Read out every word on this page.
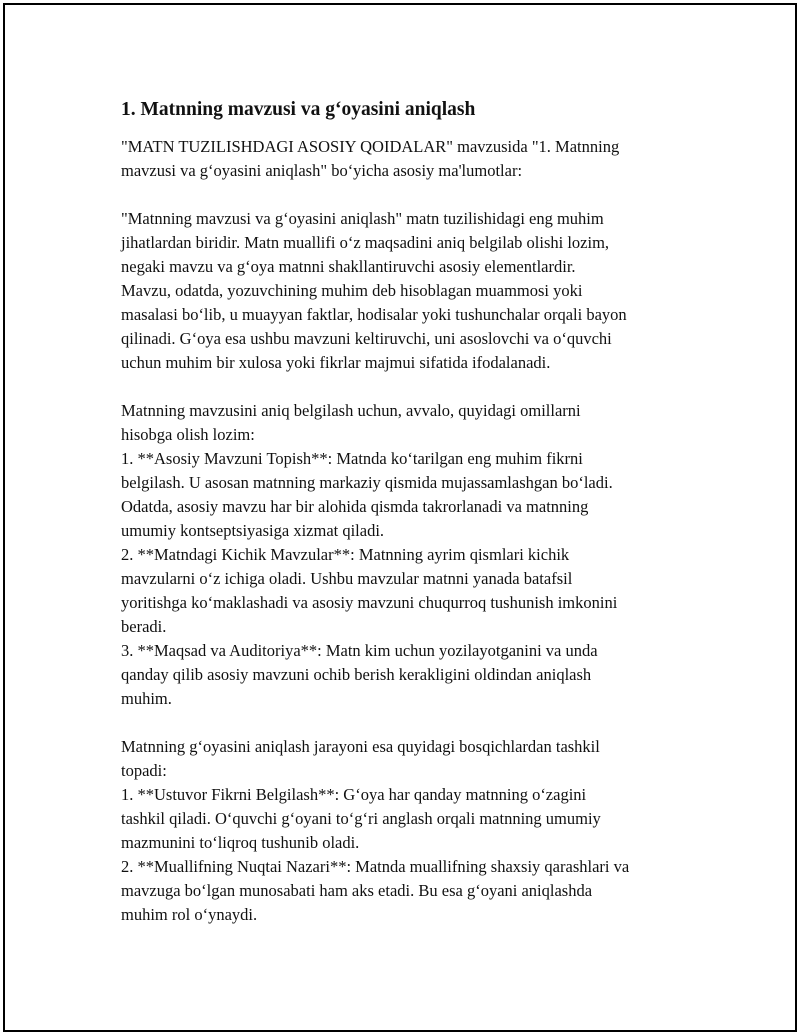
1. Matnning mavzusi va g‘oyasini aniqlash
"MATN TUZILISHDAGI ASOSIY QOIDALAR" mavzusida "1. Matnning
mavzusi va g‘oyasini aniqlash" bo‘yicha asosiy ma'lumotlar:
"Matnning mavzusi va g‘oyasini aniqlash" matn tuzilishidagi eng muhim
jihatlardan biridir. Matn muallifi o‘z maqsadini aniq belgilab olishi lozim,
negaki mavzu va g‘oya matnni shakllantiruvchi asosiy elementlardir.
Mavzu, odatda, yozuvchining muhim deb hisoblagan muammosi yoki
masalasi bo‘lib, u muayyan faktlar, hodisalar yoki tushunchalar orqali bayon
qilinadi. G‘oya esa ushbu mavzuni keltiruvchi, uni asoslovchi va o‘quvchi
uchun muhim bir xulosa yoki fikrlar majmui sifatida ifodalanadi.
Matnning mavzusini aniq belgilash uchun, avvalo, quyidagi omillarni
hisobga olish lozim:
1. **Asosiy Mavzuni Topish**: Matnda ko‘tarilgan eng muhim fikrni
belgilash. U asosan matnning markaziy qismida mujassamlashgan bo‘ladi.
Odatda, asosiy mavzu har bir alohida qismda takrorlanadi va matnning
umumiy kontseptsiyasiga xizmat qiladi.
2. **Matndagi Kichik Mavzular**: Matnning ayrim qismlari kichik
mavzularni o‘z ichiga oladi. Ushbu mavzular matnni yanada batafsil
yoritishga ko‘maklashadi va asosiy mavzuni chuqurroq tushunish imkonini
beradi.
3. **Maqsad va Auditoriya**: Matn kim uchun yozilayotganini va unda
qanday qilib asosiy mavzuni ochib berish kerakligini oldindan aniqlash
muhim.
Matnning g‘oyasini aniqlash jarayoni esa quyidagi bosqichlardan tashkil
topadi:
1. **Ustuvor Fikrni Belgilash**: G‘oya har qanday matnning o‘zagini
tashkil qiladi. O‘quvchi g‘oyani to‘g‘ri anglash orqali matnning umumiy
mazmunini to‘liqroq tushunib oladi.
2. **Muallifning Nuqtai Nazari**: Matnda muallifning shaxsiy qarashlari va
mavzuga bo‘lgan munosabati ham aks etadi. Bu esa g‘oyani aniqlashda
muhim rol o‘ynaydi.
